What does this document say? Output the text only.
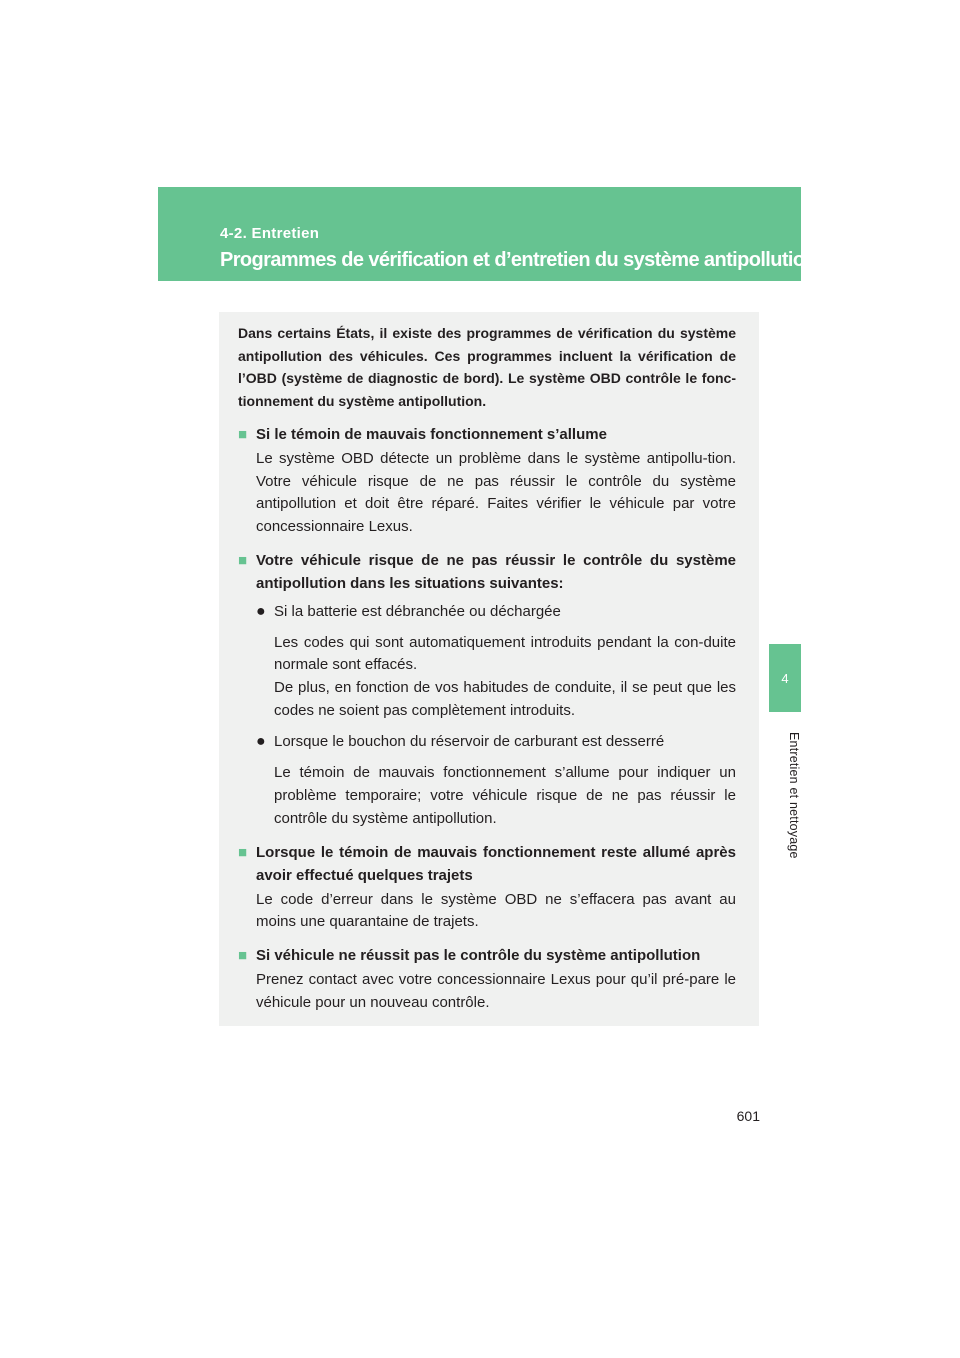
4-2. Entretien
Programmes de vérification et d’entretien du système antipollution
4
Entretien et nettoyage

Dans certains États, il existe des programmes de vérification du système antipollution des véhicules. Ces programmes incluent la vérification de l’OBD (système de diagnostic de bord). Le système OBD contrôle le fonc-tionnement du système antipollution.

■ Si le témoin de mauvais fonctionnement s’allume

Le système OBD détecte un problème dans le système antipollu-tion. Votre véhicule risque de ne pas réussir le contrôle du système antipollution et doit être réparé. Faites vérifier le véhicule par votre concessionnaire Lexus.

■ Votre véhicule risque de ne pas réussir le contrôle du système antipollution dans les situations suivantes:
● Si la batterie est débranchée ou déchargée

Les codes qui sont automatiquement introduits pendant la con-duite normale sont effacés.

De plus, en fonction de vos habitudes de conduite, il se peut que les codes ne soient pas complètement introduits.

● Lorsque le bouchon du réservoir de carburant est desserré

Le témoin de mauvais fonctionnement s’allume pour indiquer un problème temporaire; votre véhicule risque de ne pas réussir le contrôle du système antipollution.

■ Lorsque le témoin de mauvais fonctionnement reste allumé après avoir effectué quelques trajets

Le code d’erreur dans le système OBD ne s’effacera pas avant au moins une quarantaine de trajets.

■ Si véhicule ne réussit pas le contrôle du système antipollution

Prenez contact avec votre concessionnaire Lexus pour qu’il pré-pare le véhicule pour un nouveau contrôle.

601
